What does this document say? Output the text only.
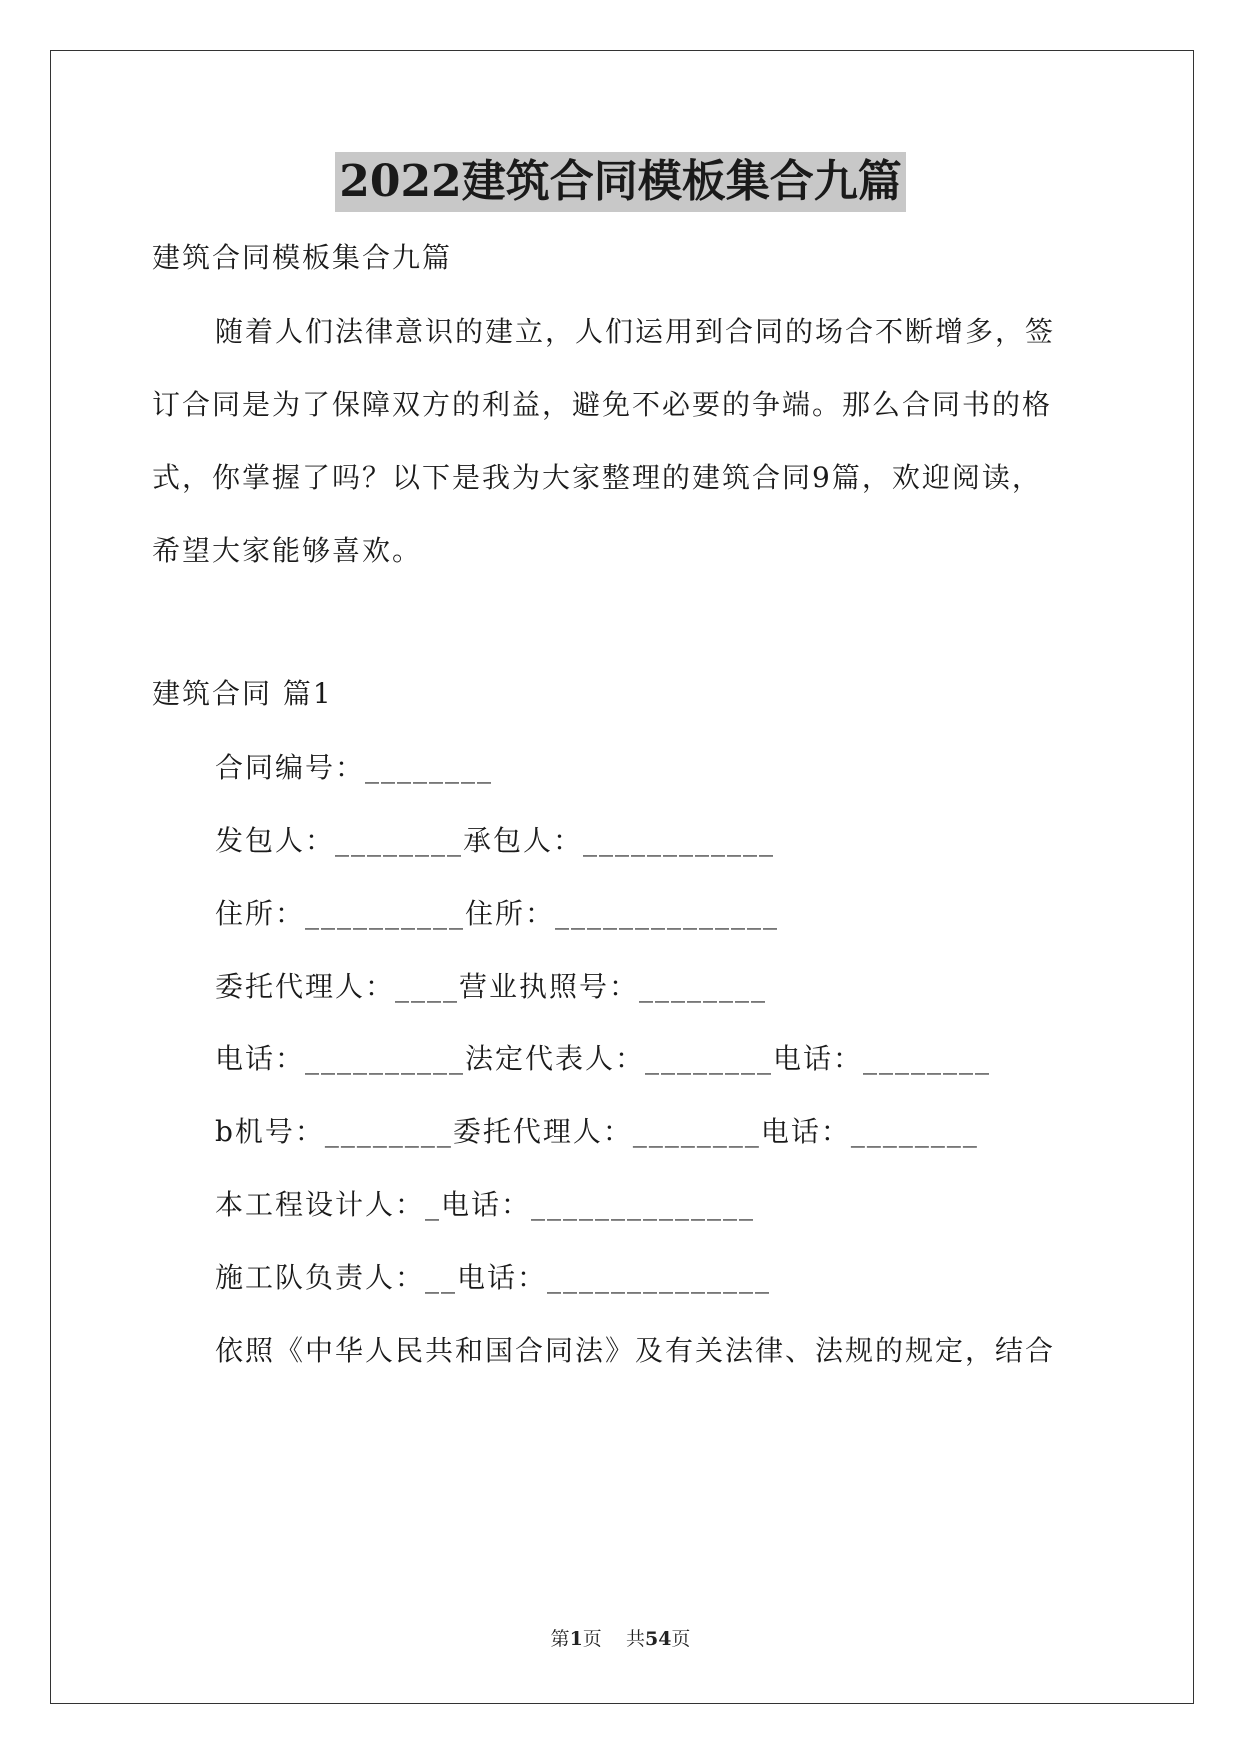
2022建筑合同模板集合九篇
建筑合同模板集合九篇
随着人们法律意识的建立，人们运用到合同的场合不断增多，签
订合同是为了保障双方的利益，避免不必要的争端。那么合同书的格
式，你掌握了吗？以下是我为大家整理的建筑合同9篇，欢迎阅读，
希望大家能够喜欢。
建筑合同 篇1
合同编号：________
发包人：________承包人：____________
住所：__________住所：______________
委托代理人：____营业执照号：________
电话：__________法定代表人：________电话：________
b机号：________委托代理人：________电话：________
本工程设计人：_电话：______________
施工队负责人：__电话：______________
依照《中华人民共和国合同法》及有关法律、法规的规定，结合
第1页    共54页
